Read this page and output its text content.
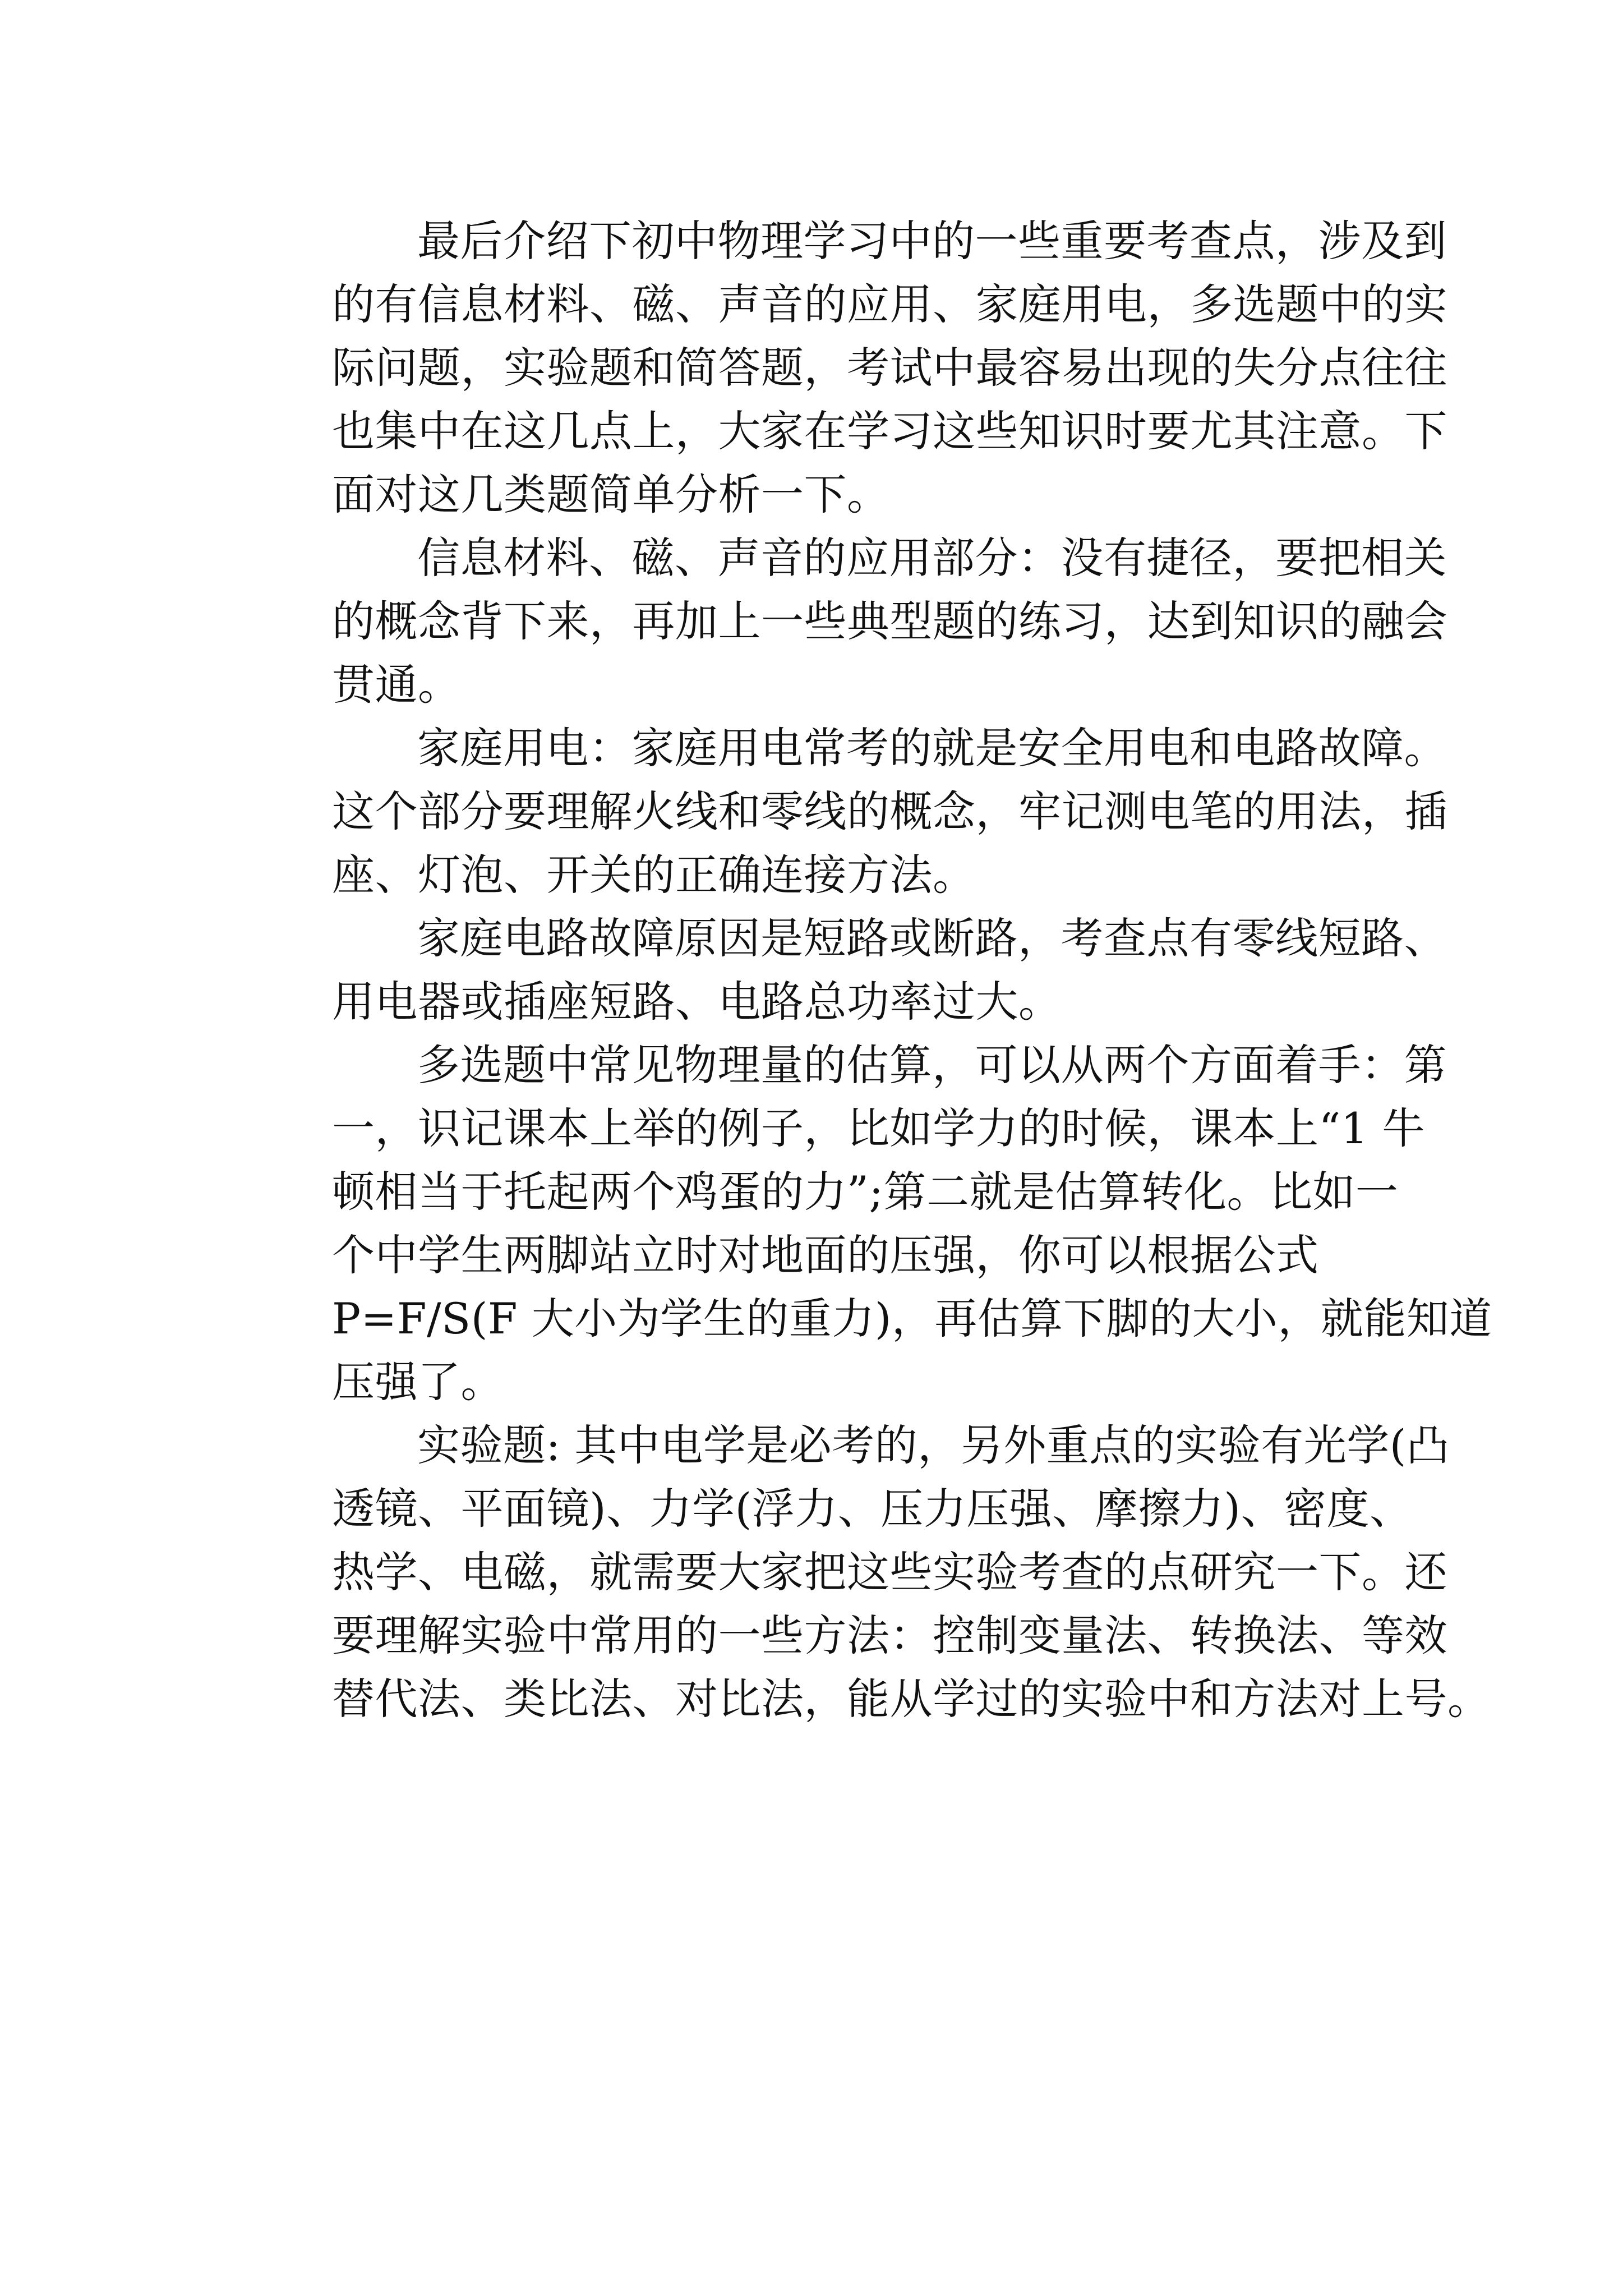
最后介绍下初中物理学习中的一些重要考查点，涉及到
的有信息材料、磁、声音的应用、家庭用电，多选题中的实
际问题，实验题和简答题，考试中最容易出现的失分点往往
也集中在这几点上，大家在学习这些知识时要尤其注意。下
面对这几类题简单分析一下。
信息材料、磁、声音的应用部分：没有捷径，要把相关
的概念背下来，再加上一些典型题的练习，达到知识的融会
贯通。
家庭用电：家庭用电常考的就是安全用电和电路故障。
这个部分要理解火线和零线的概念，牢记测电笔的用法，插
座、灯泡、开关的正确连接方法。
家庭电路故障原因是短路或断路，考查点有零线短路、
用电器或插座短路、电路总功率过大。
多选题中常见物理量的估算，可以从两个方面着手：第
一，识记课本上举的例子，比如学力的时候，课本上“1 牛
顿相当于托起两个鸡蛋的力”;第二就是估算转化。比如一
个中学生两脚站立时对地面的压强，你可以根据公式
P=F/S(F 大小为学生的重力)，再估算下脚的大小，就能知道
压强了。
实验题: 其中电学是必考的，另外重点的实验有光学(凸
透镜、平面镜)、力学(浮力、压力压强、摩擦力)、密度、
热学、电磁，就需要大家把这些实验考查的点研究一下。还
要理解实验中常用的一些方法：控制变量法、转换法、等效
替代法、类比法、对比法，能从学过的实验中和方法对上号。
